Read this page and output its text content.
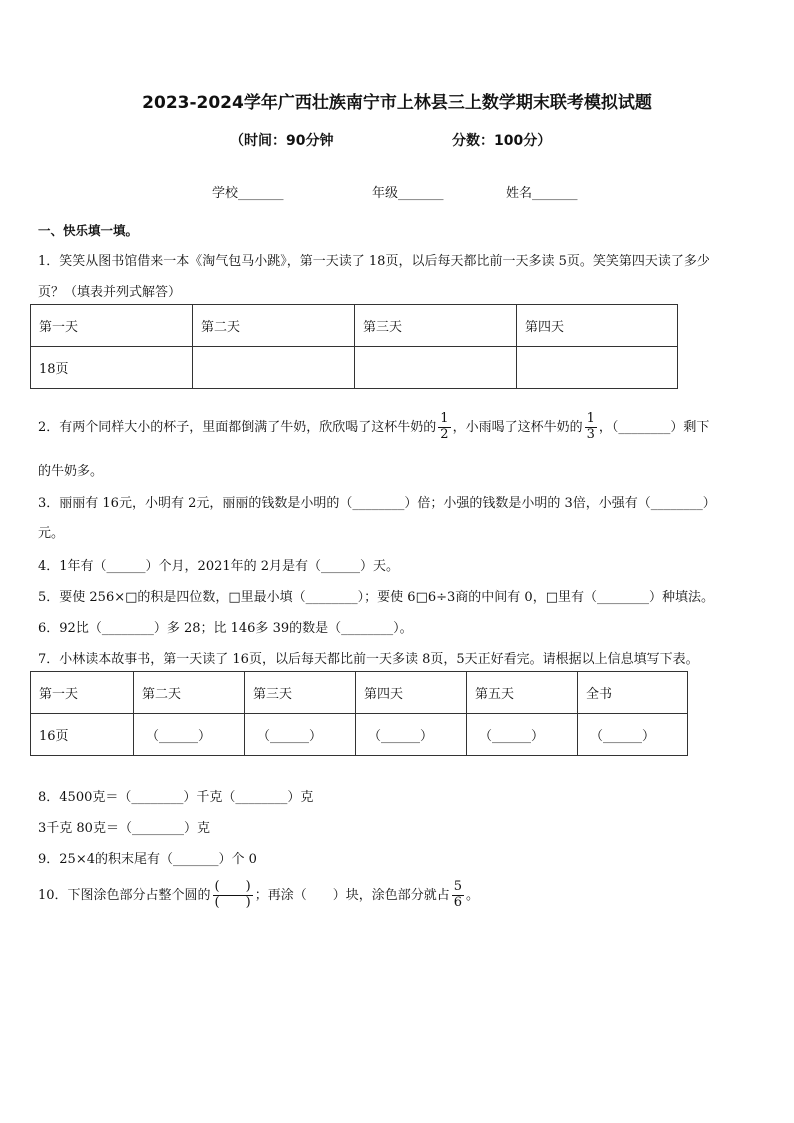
2023-2024学年广西壮族南宁市上林县三上数学期末联考模拟试题
（时间：90分钟	分数：100分）
学校_______	年级_______	姓名_______
一、快乐填一填。
1．笑笑从图书馆借来一本《淘气包马小跳》，第一天读了 18页，以后每天都比前一天多读 5页。笑笑第四天读了多少
页？（填表并列式解答）
第一天	第二天	第三天	第四天
18页			
2．有两个同样大小的杯子，里面都倒满了牛奶，欣欣喝了这杯牛奶的 $\frac{1}{2}$ ，小雨喝了这杯牛奶的 $\frac{1}{3}$ ，（________）剩下
的牛奶多。
3．丽丽有 16元，小明有 2元，丽丽的钱数是小明的（________）倍；小强的钱数是小明的 3倍，小强有（________）
元。
4．1年有（______）个月，2021年的 2月是有（______）天。
5．要使 256×□的积是四位数，□里最小填（________）；要使 6□6÷3商的中间有 0，□里有（________）种填法。
6．92比（________）多 28；比 146多 39的数是（________）。
7．小林读本故事书，第一天读了 16页，以后每天都比前一天多读 8页，5天正好看完。请根据以上信息填写下表。
第一天	第二天	第三天	第四天	第五天	全书
16页	（______）	（______）	（______）	（______）	（______）
8．4500克＝（________）千克（________）克
3千克 80克＝（________）克
9．25×4的积末尾有（_______）个 0
10．下图涂色部分占整个圆的 $\frac{( )}{( )}$ ；再涂（　　）块，涂色部分就占 $\frac{5}{6}$ 。
